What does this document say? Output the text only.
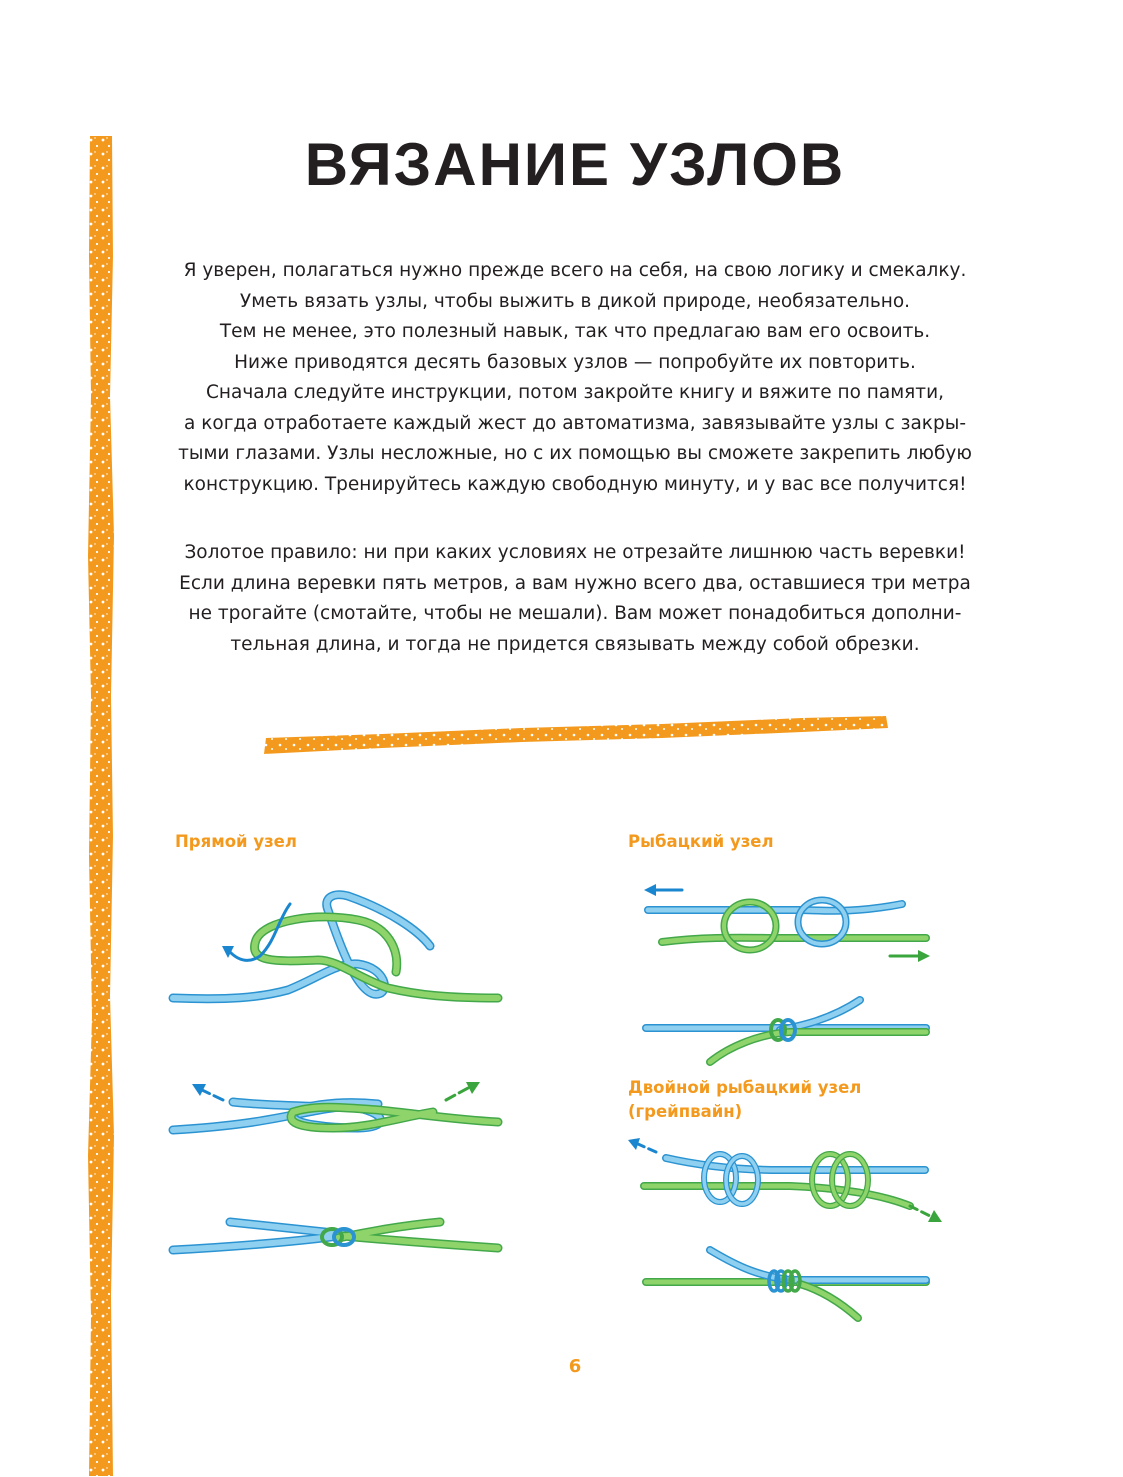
ВЯЗАНИЕ УЗЛОВ
Я уверен, полагаться нужно прежде всего на себя, на свою логику и смекалку.
Уметь вязать узлы, чтобы выжить в дикой природе, необязательно.
Тем не менее, это полезный навык, так что предлагаю вам его освоить.
Ниже приводятся десять базовых узлов — попробуйте их повторить.
Сначала следуйте инструкции, потом закройте книгу и вяжите по памяти,
а когда отработаете каждый жест до автоматизма, завязывайте узлы с закры-
тыми глазами. Узлы несложные, но с их помощью вы сможете закрепить любую
конструкцию. Тренируйтесь каждую свободную минуту, и у вас все получится!
Золотое правило: ни при каких условиях не отрезайте лишнюю часть веревки!
Если длина веревки пять метров, а вам нужно всего два, оставшиеся три метра
не трогайте (смотайте, чтобы не мешали). Вам может понадобиться дополни-
тельная длина, и тогда не придется связывать между собой обрезки.
Прямой узел	Рыбацкий узел
Двойной рыбацкий узел
(грейпвайн)
6
